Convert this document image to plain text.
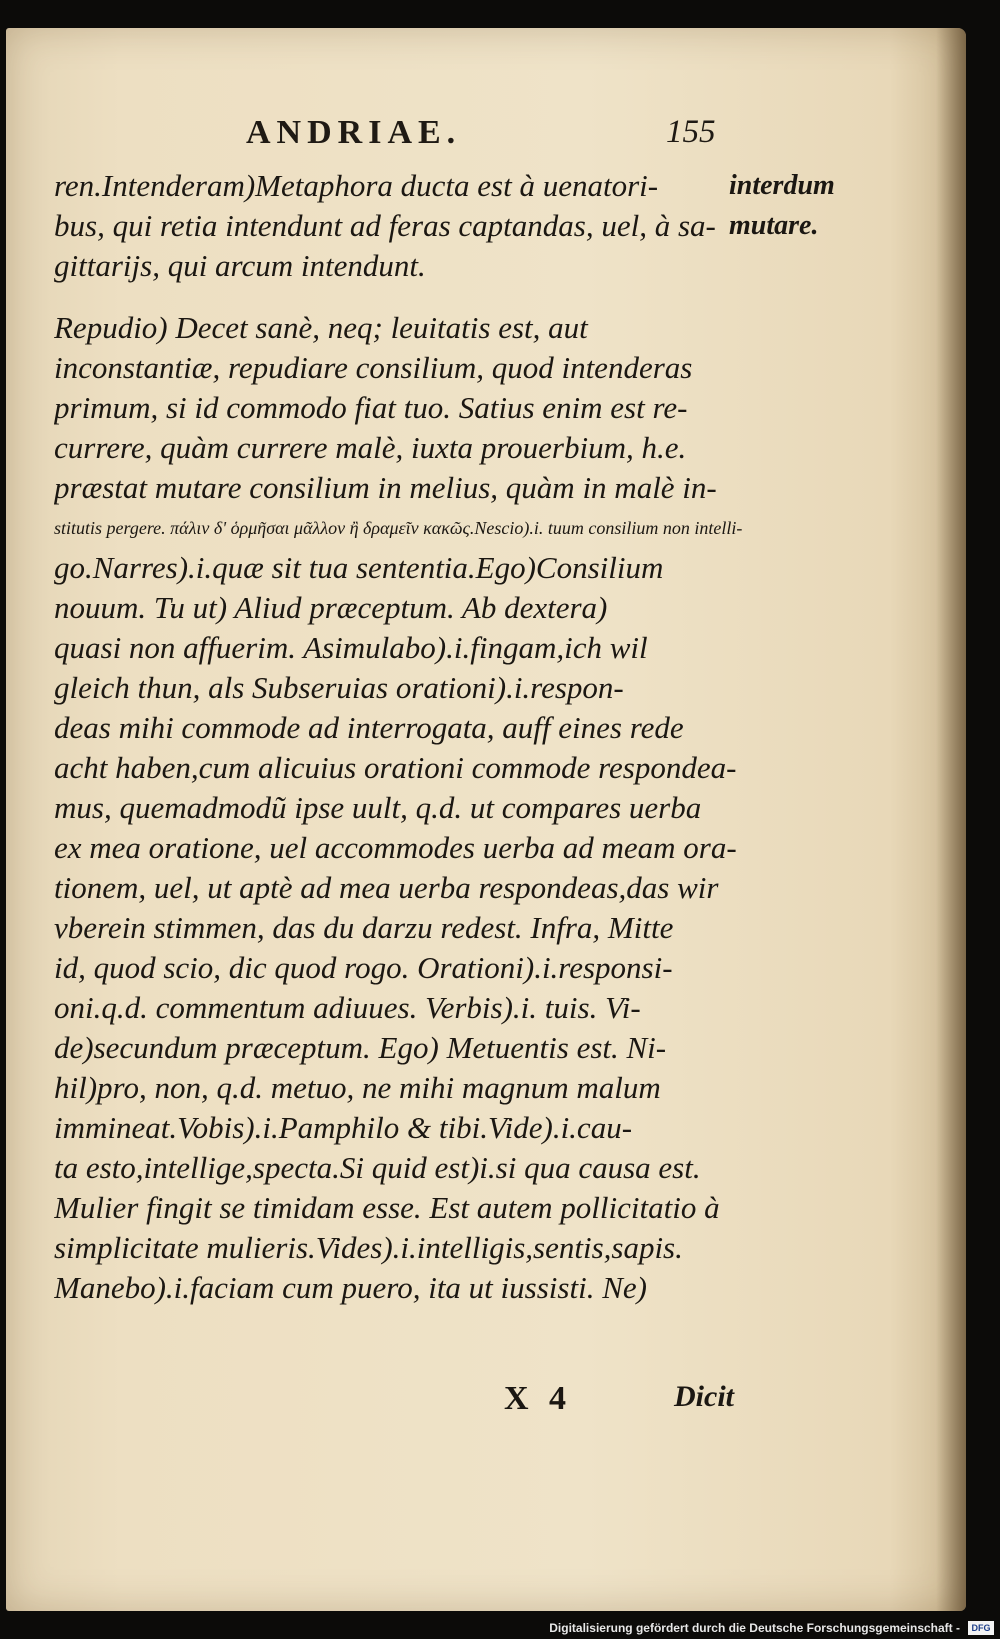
ANDRIAE.	155
ren.Intenderam)Metaphora ducta est à uenatori-
bus, qui retia intendunt ad feras captandas, uel, à sa-
gittarijs, qui arcum intendunt.
Repudio) Decet sanè, neq; leuitatis est, aut
inconstantiæ, repudiare consilium, quod intenderas
primum, si id commodo fiat tuo. Satius enim est re-
currere, quàm currere malè, iuxta prouerbium, h.e.
præstat mutare consilium in melius, quàm in malè in-
stitutis pergere. πάλιν δ' ὁρμῆσαι μᾶλλον ἢ δραμεῖν κακῶς.Nescio).i. tuum consilium non intelli-
go.Narres).i.quæ sit tua sententia.Ego)Consilium
nouum. Tu ut) Aliud præceptum. Ab dextera)
quasi non affuerim. Asimulabo).i.fingam,ich wil
gleich thun, als Subseruias orationi).i.respon-
deas mihi commode ad interrogata, auff eines rede
acht haben,cum alicuius orationi commode respondea-
mus, quemadmodũ ipse uult, q.d. ut compares uerba
ex mea oratione, uel accommodes uerba ad meam ora-
tionem, uel, ut aptè ad mea uerba respondeas,das wir
vberein stimmen, das du darzu redest. Infra, Mitte
id, quod scio, dic quod rogo. Orationi).i.responsi-
oni.q.d. commentum adiuues. Verbis).i. tuis. Vi-
de)secundum præceptum. Ego) Metuentis est. Ni-
hil)pro, non, q.d. metuo, ne mihi magnum malum
immineat.Vobis).i.Pamphilo & tibi.Vide).i.cau-
ta esto,intellige,specta.Si quid est)i.si qua causa est.
Mulier fingit se timidam esse. Est autem pollicitatio à
simplicitate mulieris.Vides).i.intelligis,sentis,sapis.
Manebo).i.faciam cum puero, ita ut iussisti. Ne)
interdum
mutare.
X 4	Dicit
Digitalisierung gefördert durch die Deutsche Forschungsgemeinschaft -	DFG
